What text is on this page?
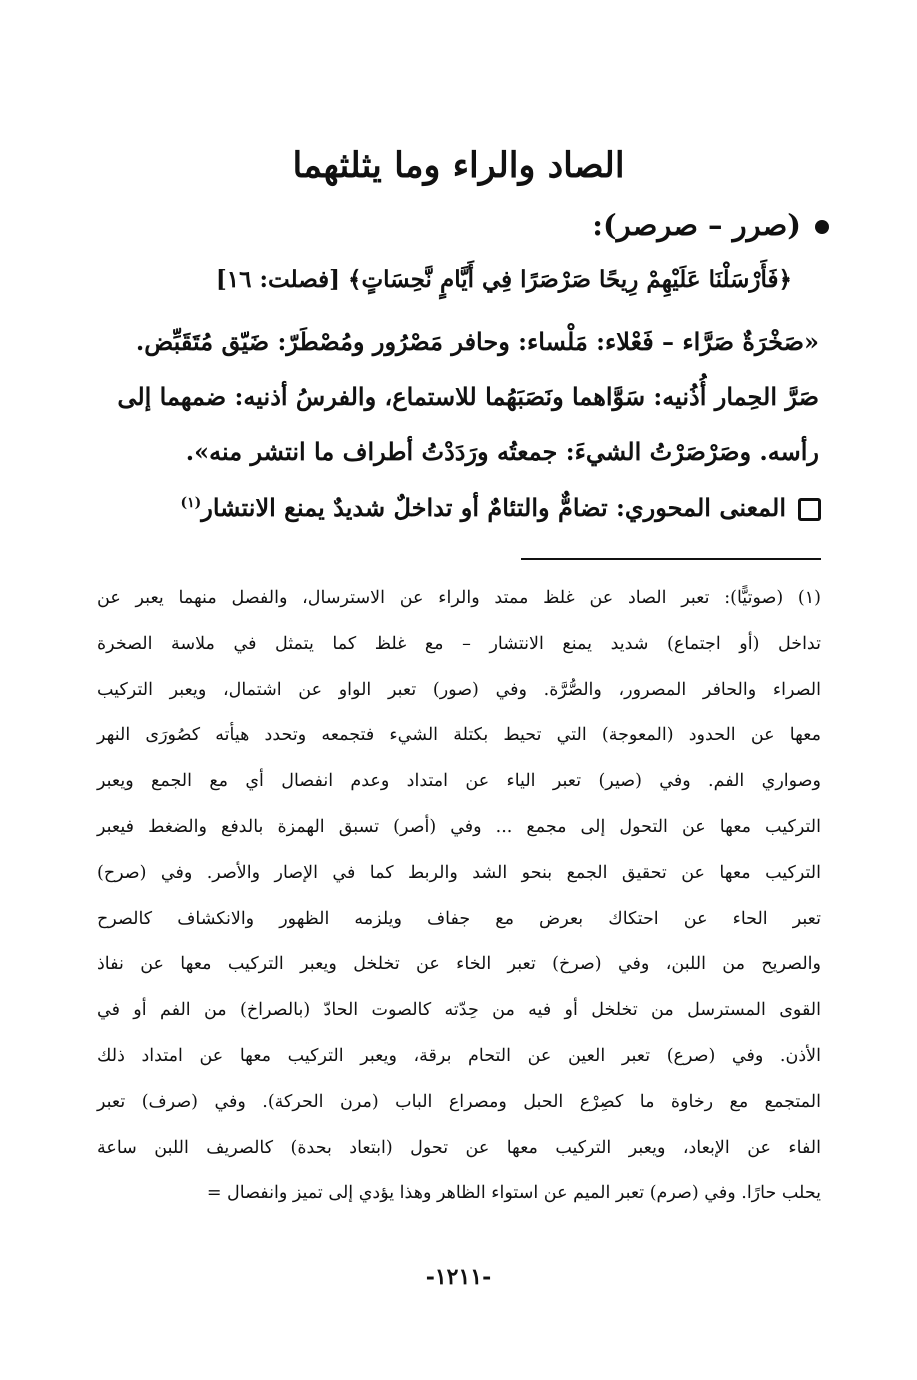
الصاد والراء وما يثلثهما
(صرر – صرصر):
﴿فَأَرْسَلْنَا عَلَيْهِمْ رِيحًا صَرْصَرًا فِي أَيَّامٍ نَّحِسَاتٍ﴾ [فصلت: ١٦]

«صَخْرَةٌ صَرَّاء – فَعْلاء: مَلْساء: وحافر مَصْرُور ومُصْطَرّ: ضَيّق مُتَقَبِّض.

صَرَّ الحِمار أُذُنيه: سَوَّاهما ونَصَبَهُما للاستماع، والفرسُ أذنيه: ضمهما إلى

رأسه. وصَرْصَرْتُ الشيءَ: جمعتُه ورَدَدْتُ أطراف ما انتشر منه».

المعنى المحوري: تضامٌّ والتئامٌ أو تداخلٌ شديدٌ يمنع الانتشار$^{(١)}$

(١) (صوتيًّا): تعبر الصاد عن غلظ ممتد والراء عن الاسترسال، والفصل منهما يعبر عن

تداخل (أو اجتماع) شديد يمنع الانتشار – مع غلظ كما يتمثل في ملاسة الصخرة

الصراء والحافر المصرور، والصُّرَّة. وفي (صور) تعبر الواو عن اشتمال، ويعبر التركيب

معها عن الحدود (المعوجة) التي تحيط بكتلة الشيء فتجمعه وتحدد هيأته كصُورَى النهر

وصواري الفم. وفي (صير) تعبر الياء عن امتداد وعدم انفصال أي مع الجمع ويعبر

التركيب معها عن التحول إلى مجمع ... وفي (أصر) تسبق الهمزة بالدفع والضغط فيعبر

التركيب معها عن تحقيق الجمع بنحو الشد والربط كما في الإصار والأصر. وفي (صرح)

تعبر الحاء عن احتكاك بعرض مع جفاف ويلزمه الظهور والانكشاف كالصرح

والصريح من اللبن، وفي (صرخ) تعبر الخاء عن تخلخل ويعبر التركيب معها عن نفاذ

القوى المسترسل من تخلخل أو فيه من حِدّته كالصوت الحادّ (بالصراخ) من الفم أو في

الأذن. وفي (صرع) تعبر العين عن التحام برقة، ويعبر التركيب معها عن امتداد ذلك

المتجمع مع رخاوة ما كصِرْع الحبل ومصراع الباب (مرن الحركة). وفي (صرف) تعبر

الفاء عن الإبعاد، ويعبر التركيب معها عن تحول (ابتعاد بحدة) كالصريف اللبن ساعة

يحلب حارًا. وفي (صرم) تعبر الميم عن استواء الظاهر وهذا يؤدي إلى تميز وانفصال =

-١٢١١-
